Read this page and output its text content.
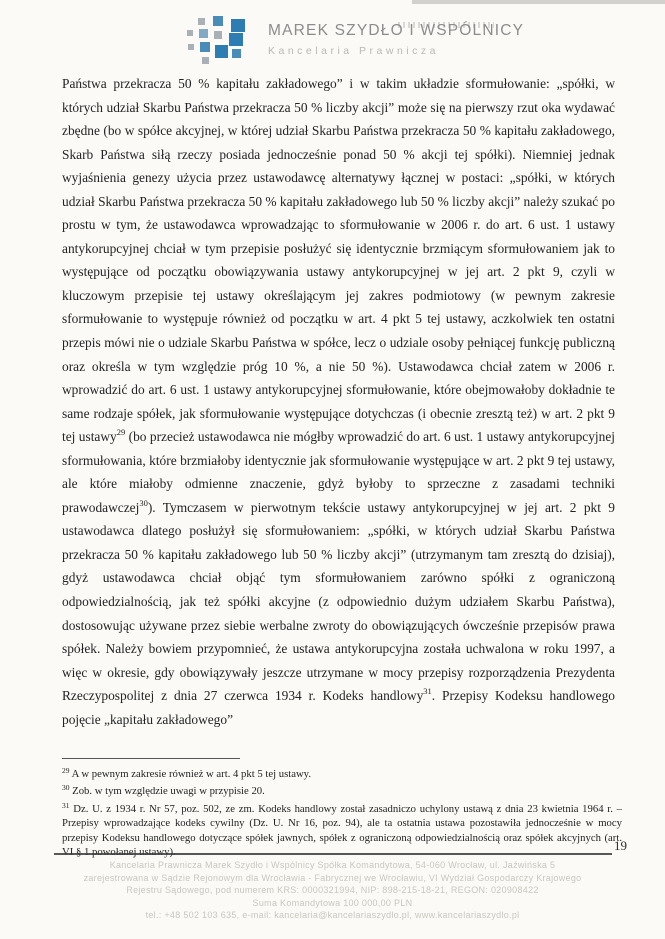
MAREK SZYDŁO I WSPÓLNICY
Kancelaria Prawnicza
Państwa przekracza 50 % kapitału zakładowego” i w takim układzie sformułowanie: „spółki, w których udział Skarbu Państwa przekracza 50 % liczby akcji” może się na pierwszy rzut oka wydawać zbędne (bo w spółce akcyjnej, w której udział Skarbu Państwa przekracza 50 % kapitału zakładowego, Skarb Państwa siłą rzeczy posiada jednocześnie ponad 50 % akcji tej spółki). Niemniej jednak wyjaśnienia genezy użycia przez ustawodawcę alternatywy łącznej w postaci: „spółki, w których udział Skarbu Państwa przekracza 50 % kapitału zakładowego lub 50 % liczby akcji” należy szukać po prostu w tym, że ustawodawca wprowadzając to sformułowanie w 2006 r. do art. 6 ust. 1 ustawy antykorupcyjnej chciał w tym przepisie posłużyć się identycznie brzmiącym sformułowaniem jak to występujące od początku obowiązywania ustawy antykorupcyjnej w jej art. 2 pkt 9, czyli w kluczowym przepisie tej ustawy określającym jej zakres podmiotowy (w pewnym zakresie sformułowanie to występuje również od początku w art. 4 pkt 5 tej ustawy, aczkolwiek ten ostatni przepis mówi nie o udziale Skarbu Państwa w spółce, lecz o udziale osoby pełniącej funkcję publiczną oraz określa w tym względzie próg 10 %, a nie 50 %). Ustawodawca chciał zatem w 2006 r. wprowadzić do art. 6 ust. 1 ustawy antykorupcyjnej sformułowanie, które obejmowałoby dokładnie te same rodzaje spółek, jak sformułowanie występujące dotychczas (i obecnie zresztą też) w art. 2 pkt 9 tej ustawy$^{29}$ (bo przecież ustawodawca nie mógłby wprowadzić do art. 6 ust. 1 ustawy antykorupcyjnej sformułowania, które brzmiałoby identycznie jak sformułowanie występujące w art. 2 pkt 9 tej ustawy, ale które miałoby odmienne znaczenie, gdyż byłoby to sprzeczne z zasadami techniki prawodawczej$^{30}$). Tymczasem w pierwotnym tekście ustawy antykorupcyjnej w jej art. 2 pkt 9 ustawodawca dlatego posłużył się sformułowaniem: „spółki, w których udział Skarbu Państwa przekracza 50 % kapitału zakładowego lub 50 % liczby akcji” (utrzymanym tam zresztą do dzisiaj), gdyż ustawodawca chciał objąć tym sformułowaniem zarówno spółki z ograniczoną odpowiedzialnością, jak też spółki akcyjne (z odpowiednio dużym udziałem Skarbu Państwa), dostosowując używane przez siebie werbalne zwroty do obowiązujących ówcześnie przepisów prawa spółek. Należy bowiem przypomnieć, że ustawa antykorupcyjna została uchwalona w roku 1997, a więc w okresie, gdy obowiązywały jeszcze utrzymane w mocy przepisy rozporządzenia Prezydenta Rzeczypospolitej z dnia 27 czerwca 1934 r. Kodeks handlowy$^{31}$. Przepisy Kodeksu handlowego pojęcie „kapitału zakładowego”
$^{29}$ A w pewnym zakresie również w art. 4 pkt 5 tej ustawy.
$^{30}$ Zob. w tym względzie uwagi w przypisie 20.
$^{31}$ Dz. U. z 1934 r. Nr 57, poz. 502, ze zm. Kodeks handlowy został zasadniczo uchylony ustawą z dnia 23 kwietnia 1964 r. – Przepisy wprowadzające kodeks cywilny (Dz. U. Nr 16, poz. 94), ale ta ostatnia ustawa pozostawiła jednocześnie w mocy przepisy Kodeksu handlowego dotyczące spółek jawnych, spółek z ograniczoną odpowiedzialnością oraz spółek akcyjnych (art. VI § 1 powołanej ustawy).	19
Kancelaria Prawnicza Marek Szydło i Wspólnicy Spółka Komandytowa, 54-060 Wrocław, ul. Jaźwińska 5
zarejestrowana w Sądzie Rejonowym dla Wrocławia - Fabrycznej we Wrocławiu, VI Wydział Gospodarczy Krajowego
Rejestru Sądowego, pod numerem KRS: 0000321994, NIP: 898-215-18-21, REGON: 020908422
Suma Komandytowa 100 000,00 PLN
tel.: +48 502 103 635, e-mail: kancelaria@kancelariaszydlo.pl, www.kancelariaszydlo.pl
